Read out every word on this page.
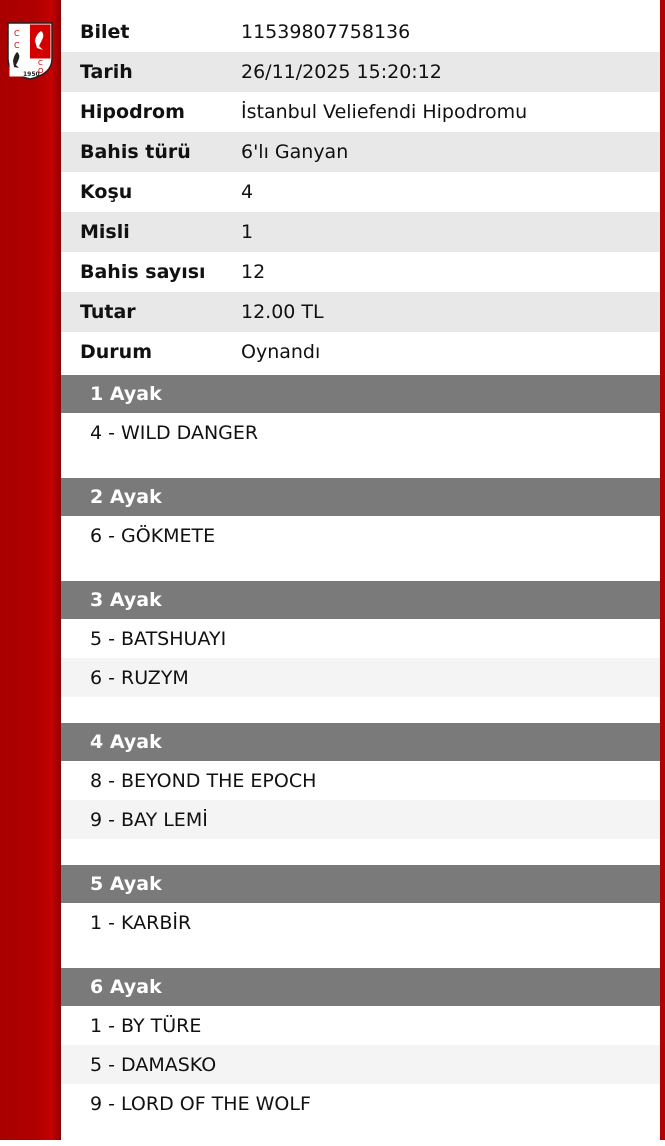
C
C
C
O
1950
Bilet	11539807758136
Tarih	26/11/2025 15:20:12
Hipodrom	İstanbul Veliefendi Hipodromu
Bahis türü	6'lı Ganyan
Koşu	4
Misli	1
Bahis sayısı	12
Tutar	12.00 TL
Durum	Oynandı
1 Ayak
4 - WILD DANGER
2 Ayak
6 - GÖKMETE
3 Ayak
5 - BATSHUAYI
6 - RUZYM
4 Ayak
8 - BEYOND THE EPOCH
9 - BAY LEMİ
5 Ayak
1 - KARBİR
6 Ayak
1 - BY TÜRE
5 - DAMASKO
9 - LORD OF THE WOLF
